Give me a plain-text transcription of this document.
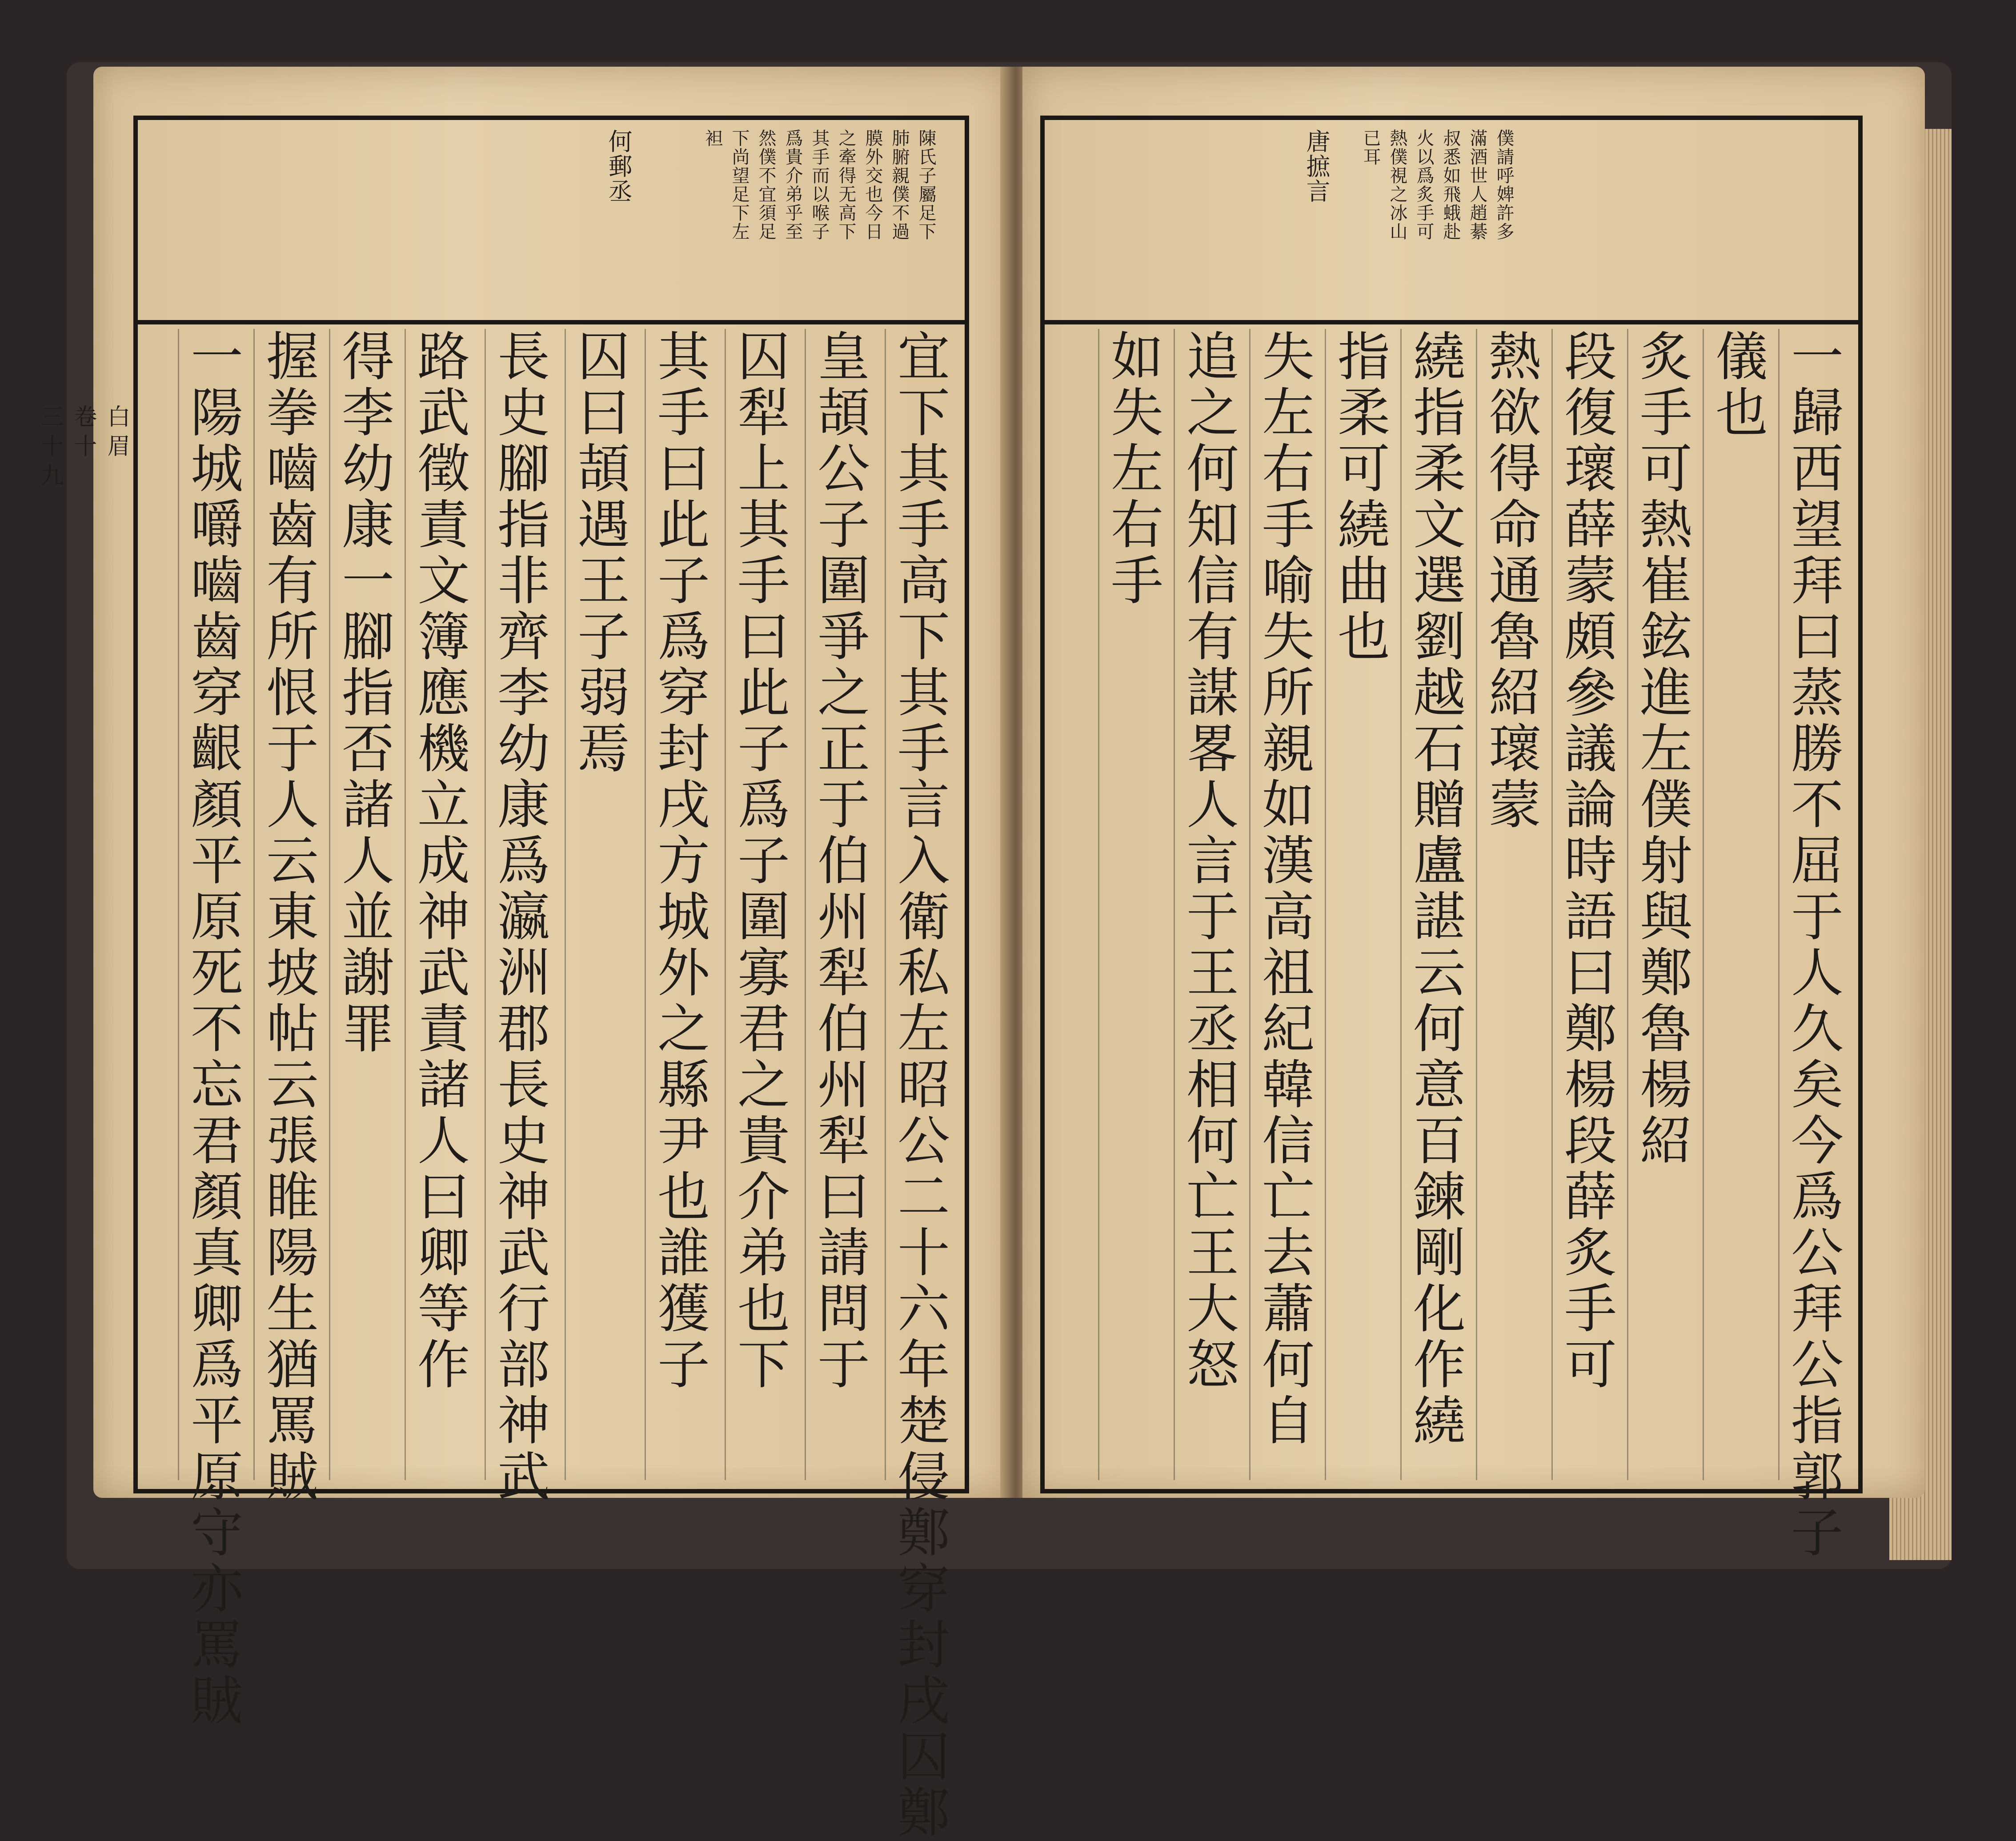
白眉
卷十
三十九
陳氏子屬足下
肺腑親僕不過
膜外交也今日
之牽得无高下
其手而以喉子
爲貴介弟乎至
然僕不宜須足
下尚望足下左
袒
何郵丞
宜下其手高下其手言入衛私左昭公二十六年楚侵鄭穿封戌囚鄭
皇頡公子圍爭之正于伯州犁伯州犁曰請問于
囚犁上其手曰此子爲子圍寡君之貴介弟也下
其手曰此子爲穿封戌方城外之縣尹也誰獲子
囚曰頡遇王子弱焉
長史腳指非齊李幼康爲瀛洲郡長史神武行部神武
路武徵責文簿應機立成神武責諸人曰卿等作
得李幼康一腳指否諸人並謝罪
握拳嚙齒有所恨于人云東坡帖云張睢陽生猶罵賊
一陽城嚼嚙齒穿齦顏平原死不忘君顏真卿爲平原守亦罵賊
僕請呼婢許多
滿酒世人趙綦
叔悉如飛蛾赴
火以爲炙手可
熱僕視之冰山
已耳
唐摭言
一歸西望拜曰蒸勝不屈于人久矣今爲公拜公指郭子
儀也
炙手可熱崔鉉進左僕射與鄭魯楊紹
段復瓌薛蒙頗參議論時語曰鄭楊段薛炙手可
熱欲得命通魯紹瓌蒙
繞指柔文選劉越石贈盧諶云何意百鍊剛化作繞
指柔可繞曲也
失左右手喻失所親如漢高祖紀韓信亡去蕭何自
追之何知信有謀畧人言于王丞相何亡王大怒
如失左右手
